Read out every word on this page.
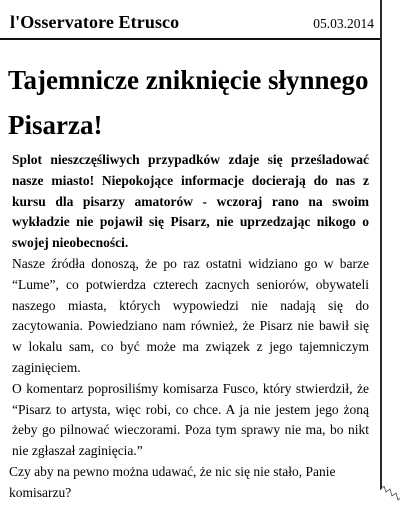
l'Osservatore Etrusco	05.03.2014
Tajemnicze zniknięcie słynnego Pisarza!
Splot nieszczęśliwych przypadków zdaje się prześladować nasze miasto! Niepokojące informacje docierają do nas z kursu dla pisarzy amatorów - wczoraj rano na swoim wykładzie nie pojawił się Pisarz, nie uprzedzając nikogo o swojej nieobecności.
Nasze źródła donoszą, że po raz ostatni widziano go w barze “Lume”, co potwierdza czterech zacnych seniorów, obywateli naszego miasta, których wypowiedzi nie nadają się do zacytowania. Powiedziano nam również, że Pisarz nie bawił się w lokalu sam, co być może ma związek z jego tajemniczym zaginięciem.
O komentarz poprosiliśmy komisarza Fusco, który stwierdził, że “Pisarz to artysta, więc robi, co chce. A ja nie jestem jego żoną żeby go pilnować wieczorami. Poza tym sprawy nie ma, bo nikt nie zgłaszał zaginięcia.”
Czy aby na pewno można udawać, że nic się nie stało, Panie komisarzu?
